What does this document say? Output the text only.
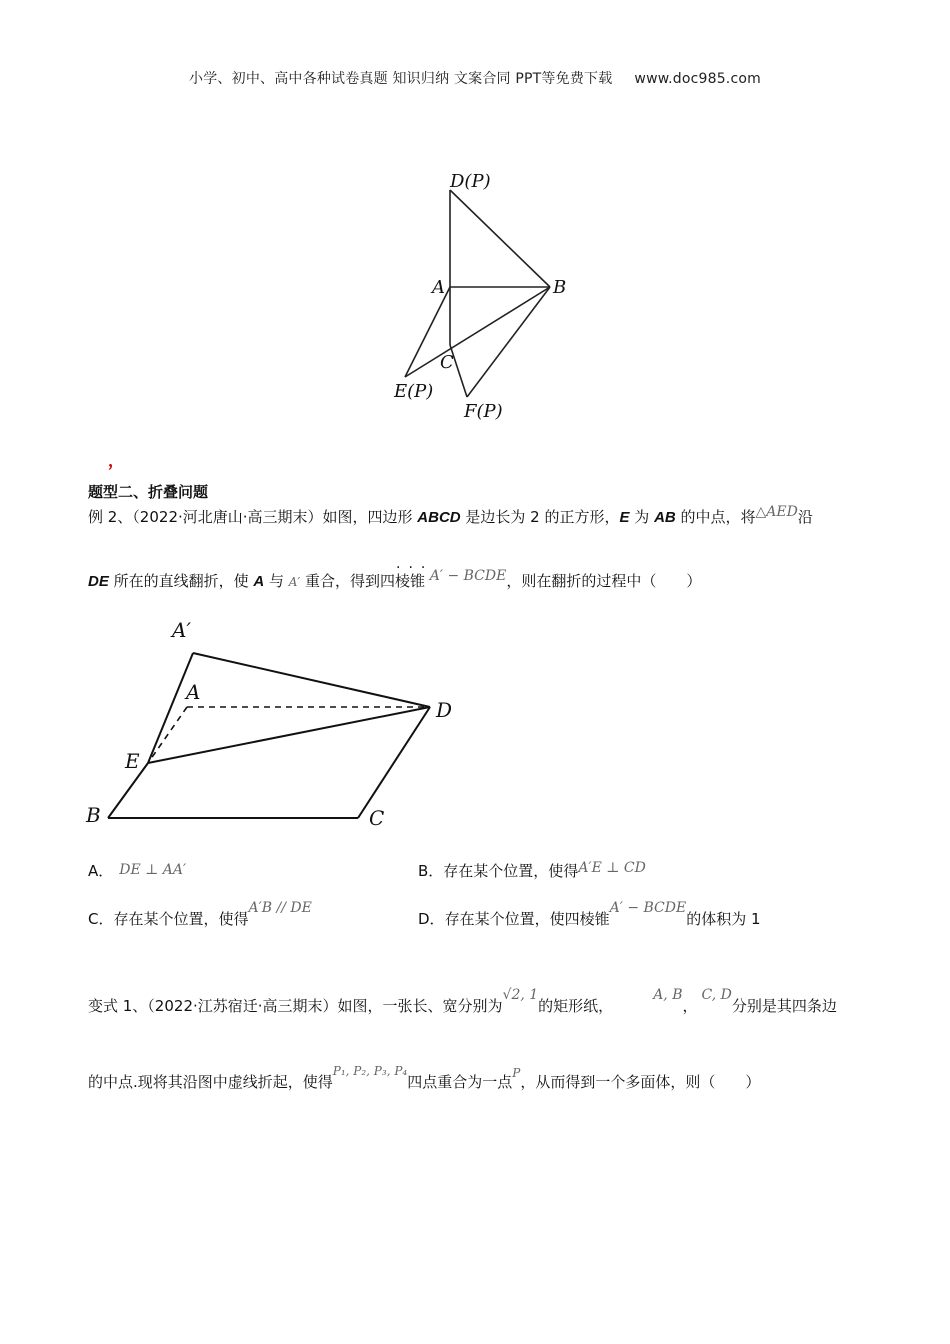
小学、初中、高中各种试卷真题 知识归纳 文案合同 PPT等免费下载 www.doc985.com
D(P)
A	B
C
E(P)
F(P)
，
题型二、折叠问题
例 2、（2022·河北唐山·高三期末）如图，四边形 ABCD 是边长为 2 的正方形，E 为 AB 的中点，将△AED沿
DE 所在的直线翻折，使 A 与 A′ 重合，得到四棱锥 A′ − BCDE，则在翻折的过程中（　　）
···
A′
A
D
E
B	C
A． DE ⊥ AA′	B．存在某个位置，使得A′E ⊥ CD
C．存在某个位置，使得A′B // DE
D．存在某个位置，使四棱锥A′ − BCDE的体积为 1
变式 1、（2022·江苏宿迁·高三期末）如图，一张长、宽分别为√2, 1的矩形纸，A, B，C, D分别是其四条边
的中点.现将其沿图中虚线折起，使得$^{P_1, P_2, P_3, P_4}$四点重合为一点$^P$，从而得到一个多面体，则（　　）
